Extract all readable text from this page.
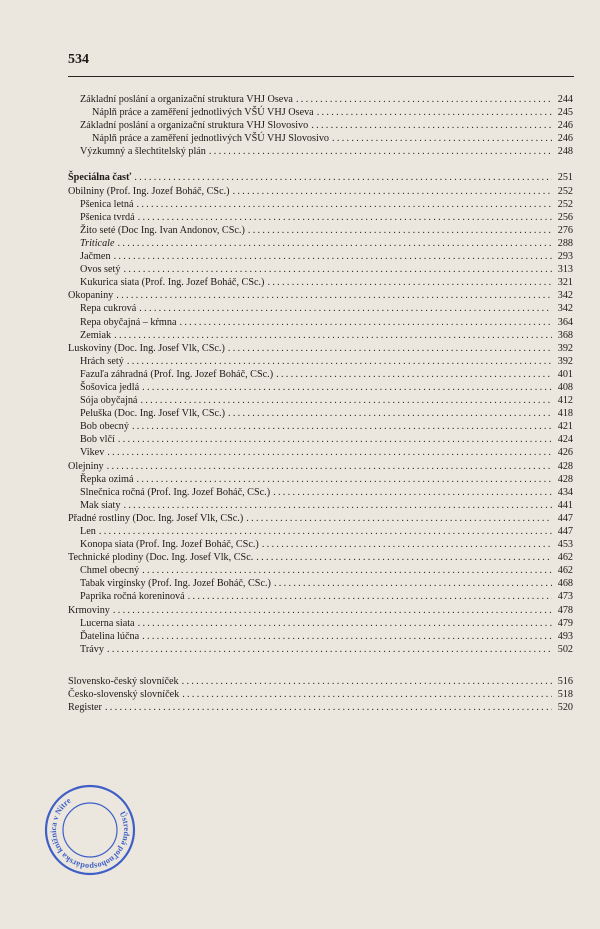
534
Základní poslání a organizační struktura VHJ Oseva .....	244
Náplň práce a zaměření jednotlivých VŠÚ VHJ Oseva .....	245
Základní poslání a organizační struktura VHJ Slovosivo .....	246
Náplň práce a zaměření jednotlivých VŠÚ VHJ Slovosivo .....	246
Výzkumný a šlechtitelský plán .....	248
Špeciálna časť .....	251
Obilniny (Prof. Ing. Jozef Boháč, CSc.) .....	252
Pšenica letná .....	252
Pšenica tvrdá .....	256
Žito seté (Doc Ing. Ivan Andonov, CSc.) .....	276
Triticale .....	288
Jačmen .....	293
Ovos setý .....	313
Kukurica siata (Prof. Ing. Jozef Boháč, CSc.) .....	321
Okopaniny .....	342
Repa cukrová .....	342
Repa obyčajná – kŕmna .....	364
Zemiak .....	368
Luskoviny (Doc. Ing. Josef Vlk, CSc.) .....	392
Hrách setý .....	392
Fazuľa záhradná (Prof. Ing. Jozef Boháč, CSc.) .....	401
Šošovica jedlá .....	408
Sója obyčajná .....	412
Peluška (Doc. Ing. Josef Vlk, CSc.) .....	418
Bob obecný .....	421
Bob vlčí .....	424
Vikev .....	426
Olejniny .....	428
Řepka ozimá .....	428
Slnečnica ročná (Prof. Ing. Jozef Boháč, CSc.) .....	434
Mak siaty .....	441
Přadné rostliny (Doc. Ing. Josef Vlk, CSc.) .....	447
Len .....	447
Konopa siata (Prof. Ing. Jozef Boháč, CSc.) .....	453
Technické plodiny (Doc. Ing. Josef Vlk, CSc. .....	462
Chmel obecný .....	462
Tabak virgínsky (Prof. Ing. Jozef Boháč, CSc.) .....	468
Paprika ročná koreninová .....	473
Krmoviny .....	478
Lucerna siata .....	479
Ďatelina lúčna .....	493
Trávy .....	502
Slovensko-český slovníček .....	516
Česko-slovenský slovníček .....	518
Register .....	520
Ústredná poľnohospodárska knižnica v Nitre
